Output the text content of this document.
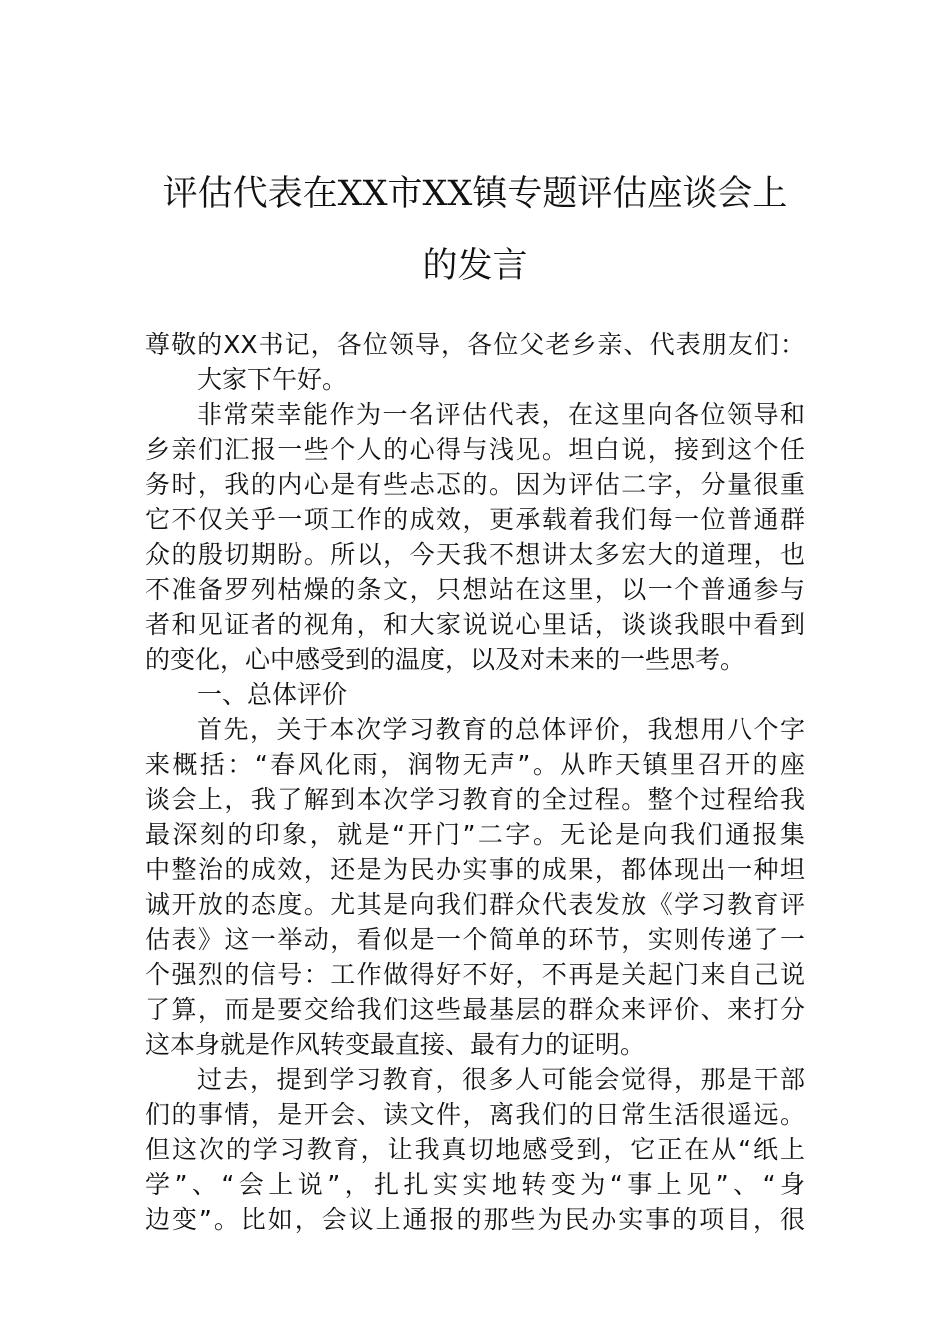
评估代表在XX市XX镇专题评估座谈会上
的发言
尊敬的XX书记，各位领导，各位父老乡亲、代表朋友们：
大家下午好。
非常荣幸能作为一名评估代表，在这里向各位领导和
乡亲们汇报一些个人的心得与浅见。坦白说，接到这个任
务时，我的内心是有些忐忑的。因为评估二字，分量很重
它不仅关乎一项工作的成效，更承载着我们每一位普通群
众的殷切期盼。所以，今天我不想讲太多宏大的道理，也
不准备罗列枯燥的条文，只想站在这里，以一个普通参与
者和见证者的视角，和大家说说心里话，谈谈我眼中看到
的变化，心中感受到的温度，以及对未来的一些思考。
一、总体评价
首先，关于本次学习教育的总体评价，我想用八个字
来概括：“春风化雨，润物无声”。从昨天镇里召开的座
谈会上，我了解到本次学习教育的全过程。整个过程给我
最深刻的印象，就是“开门”二字。无论是向我们通报集
中整治的成效，还是为民办实事的成果，都体现出一种坦
诚开放的态度。尤其是向我们群众代表发放《学习教育评
估表》这一举动，看似是一个简单的环节，实则传递了一
个强烈的信号：工作做得好不好，不再是关起门来自己说
了算，而是要交给我们这些最基层的群众来评价、来打分
这本身就是作风转变最直接、最有力的证明。
过去，提到学习教育，很多人可能会觉得，那是干部
们的事情，是开会、读文件，离我们的日常生活很遥远。
但这次的学习教育，让我真切地感受到，它正在从“纸上
学”、“会上说”，扎扎实实地转变为“事上见”、“身
边变”。比如，会议上通报的那些为民办实事的项目，很
